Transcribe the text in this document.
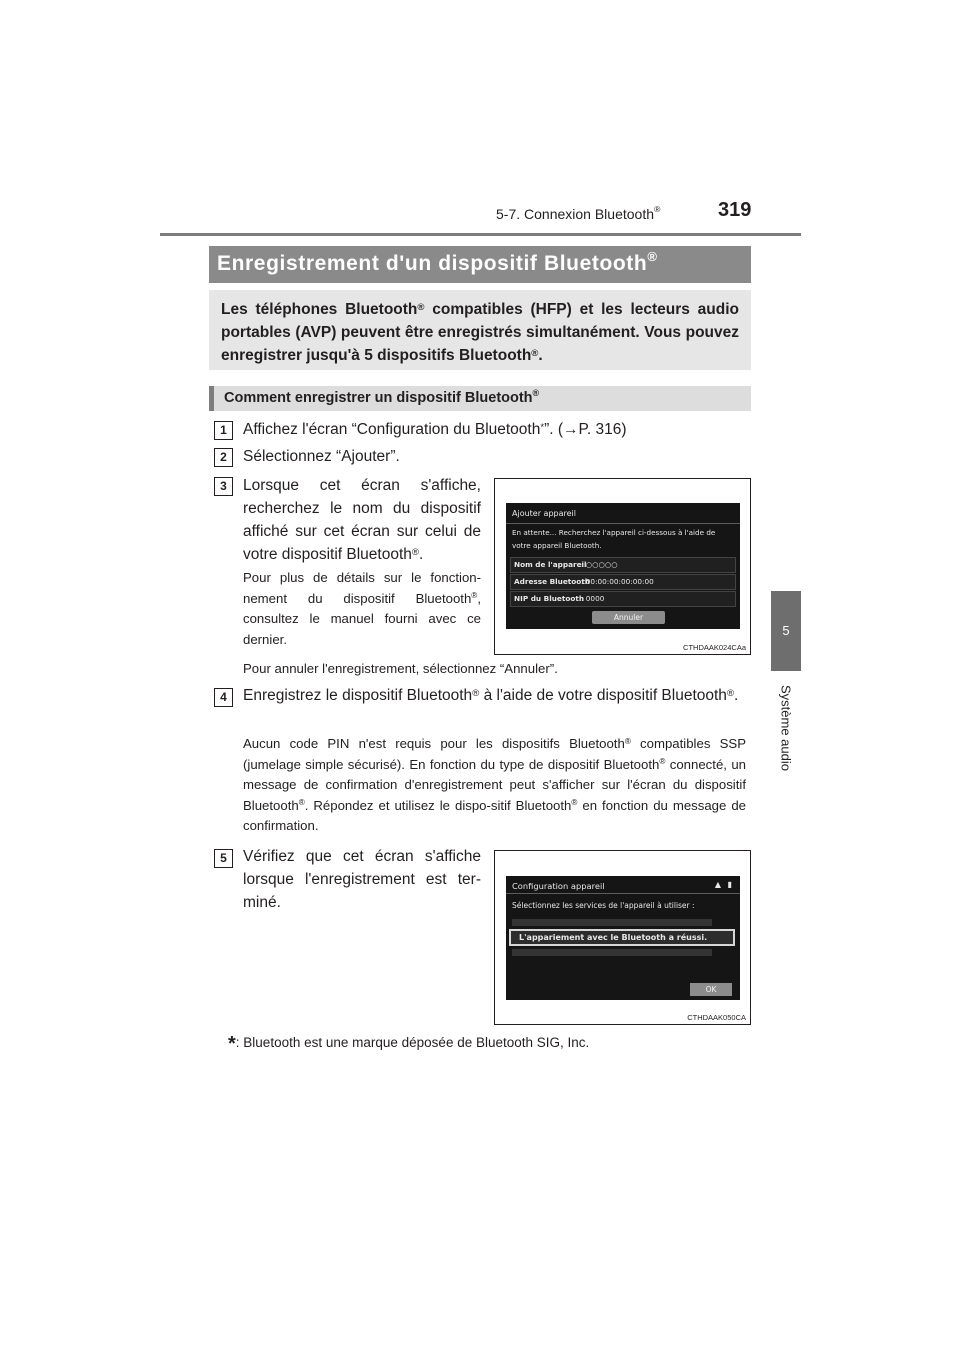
5-7. Connexion Bluetooth®	319
5
Système audio
Enregistrement d'un dispositif Bluetooth®
Les téléphones Bluetooth® compatibles (HFP) et les lecteurs audio portables (AVP) peuvent être enregistrés simultanément. Vous pouvez enregistrer jusqu'à 5 dispositifs Bluetooth®.
Comment enregistrer un dispositif Bluetooth®
1	Affichez l'écran “Configuration du Bluetooth*”. (→P. 316)
2	Sélectionnez “Ajouter”.
3	Lorsque cet écran s'affiche, recherchez le nom du dispositif affiché sur cet écran sur celui de votre dispositif Bluetooth®.
Pour plus de détails sur le fonction-nement du dispositif Bluetooth®, consultez le manuel fourni avec ce dernier.
Pour annuler l'enregistrement, sélectionnez “Annuler”.
Ajouter appareil
En attente... Recherchez l'appareil ci-dessous à l'aide de votre appareil Bluetooth.
Nom de l'appareil
: ○○○○○
Adresse Bluetooth
: 00:00:00:00:00:00
NIP du Bluetooth
: 0000
Annuler
CTHDAAK024CAa
4	Enregistrez le dispositif Bluetooth® à l'aide de votre dispositif Bluetooth®.
Aucun code PIN n'est requis pour les dispositifs Bluetooth® compatibles SSP (jumelage simple sécurisé). En fonction du type de dispositif Bluetooth® connecté, un message de confirmation d'enregistrement peut s'afficher sur l'écran du dispositif Bluetooth®. Répondez et utilisez le dispo-sitif Bluetooth® en fonction du message de confirmation.
5	Vérifiez que cet écran s'affiche lorsque l'enregistrement est ter-miné.
Configuration appareil	▲ ▮
Sélectionnez les services de l'appareil à utiliser :
L'appariement avec le Bluetooth a réussi.
OK
CTHDAAK050CA
*: Bluetooth est une marque déposée de Bluetooth SIG, Inc.
